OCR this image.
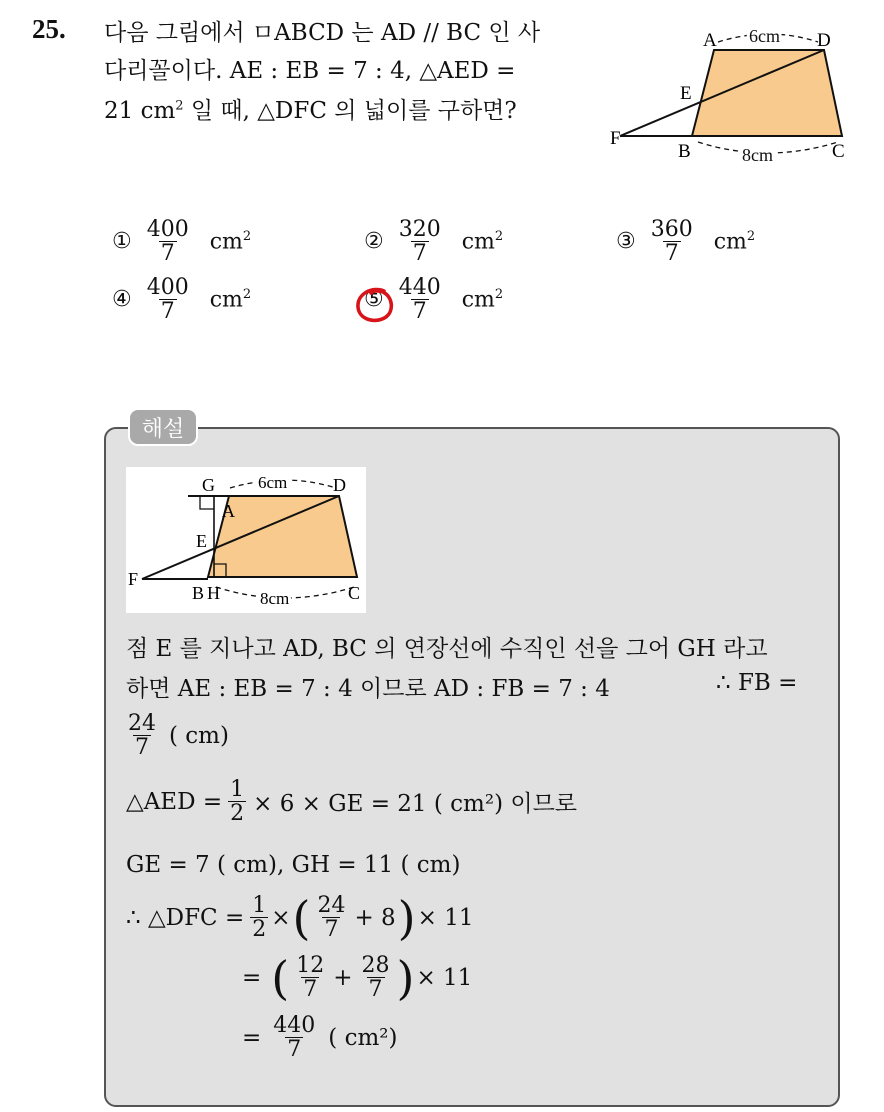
25. 다음 그림에서 ㅁABCD 는 AD // BC 인 사
다리꼴이다. AE : EB = 7 : 4, △AED =
21 $cm^2$ 일 때, △DFC 의 넓이를 구하면?
A	D
6cm
E
F
B	C
8cm
① $\frac{400}{7} cm^2$	② $\frac{320}{7} cm^2$	③ $\frac{360}{7} cm^2$
④ $\frac{400}{7} cm^2$	⑤ $\frac{440}{7} cm^2$
해설
G
A
D
6cm
E
F
B H	C
8cm
점 E 를 지나고 AD, BC 의 연장선에 수직인 선을 그어 GH 라고
하면 AE : EB = 7 : 4 이므로 AD : FB = 7 : 4	∴ FB =
$\frac{24}{7}$ ( cm)
△AED = $\frac{1}{2} \times 6$ × GE = 21 ( cm²) 이므로
GE = 7 ( cm), GH = 11 ( cm)
∴ △DFC = $\frac{1}{2}$ × ( $\frac{24}{7} + 8$ ) × 11
= ( $\frac{12}{7} + \frac{28}{7}$ ) × 11
= $\frac{440}{7}$ ( cm²)
